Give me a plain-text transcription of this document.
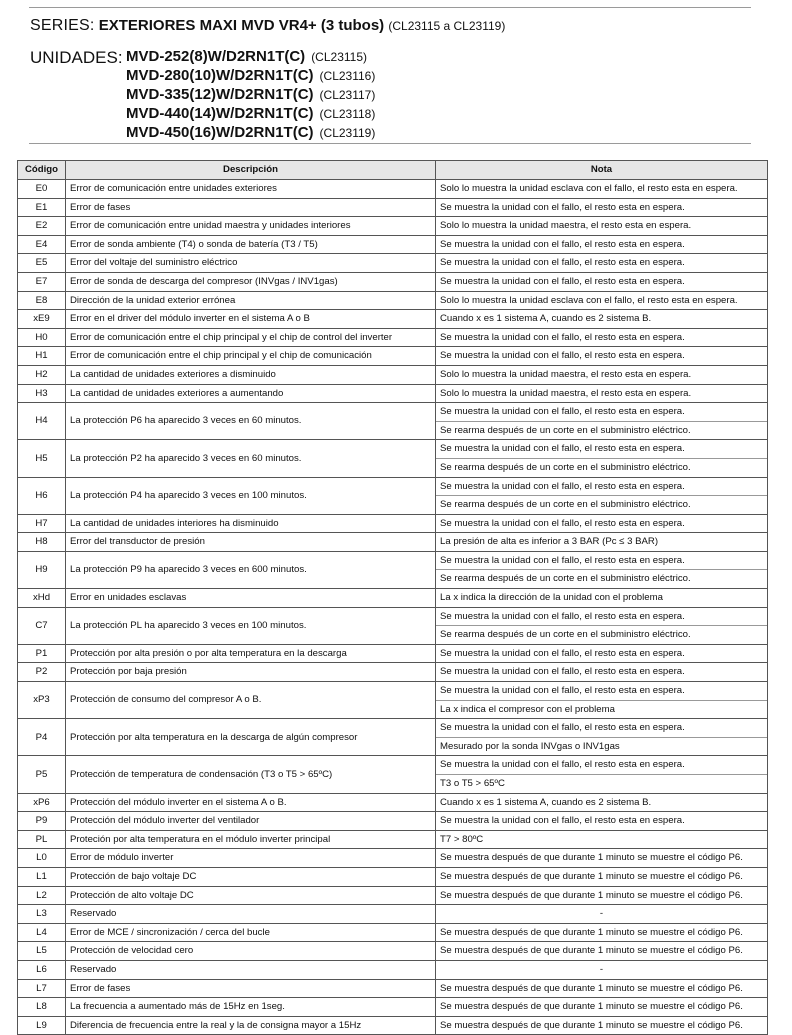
SERIES: EXTERIORES MAXI MVD VR4+ (3 tubos) (CL23115 a CL23119)
UNIDADES: MVD-252(8)W/D2RN1T(C) (CL23115)
MVD-280(10)W/D2RN1T(C) (CL23116)
MVD-335(12)W/D2RN1T(C) (CL23117)
MVD-440(14)W/D2RN1T(C) (CL23118)
MVD-450(16)W/D2RN1T(C) (CL23119)
Código	Descripción	Nota
E0	Error de comunicación entre unidades exteriores	Solo lo muestra la unidad esclava con el fallo, el resto esta en espera.

E1	Error de fases	Se muestra la unidad con el fallo, el resto esta en espera.

E2	Error de comunicación entre unidad maestra y unidades interiores	Solo lo muestra la unidad maestra, el resto esta en espera.

E4	Error de sonda ambiente (T4) o sonda de batería (T3 / T5)	Se muestra la unidad con el fallo, el resto esta en espera.

E5	Error del voltaje del suministro eléctrico	Se muestra la unidad con el fallo, el resto esta en espera.

E7	Error de sonda de descarga del compresor (INVgas / INV1gas)	Se muestra la unidad con el fallo, el resto esta en espera.

E8	Dirección de la unidad exterior errónea	Solo lo muestra la unidad esclava con el fallo, el resto esta en espera.

xE9	Error en el driver del módulo inverter en el sistema A o B	Cuando x es 1 sistema A, cuando es 2 sistema B.

H0	Error de comunicación entre el chip principal y el chip de control del inverter	Se muestra la unidad con el fallo, el resto esta en espera.

H1	Error de comunicación entre el chip principal y el chip de comunicación	Se muestra la unidad con el fallo, el resto esta en espera.

H2	La cantidad de unidades exteriores a disminuido	Solo lo muestra la unidad maestra, el resto esta en espera.

H3	La cantidad de unidades exteriores a aumentando	Solo lo muestra la unidad maestra, el resto esta en espera.

H4	La protección P6 ha aparecido 3 veces en 60 minutos.	Se muestra la unidad con el fallo, el resto esta en espera.
Se rearma después de un corte en el subministro eléctrico.

H5	La protección P2 ha aparecido 3 veces en 60 minutos.	Se muestra la unidad con el fallo, el resto esta en espera.
Se rearma después de un corte en el subministro eléctrico.

H6	La protección P4 ha aparecido 3 veces en 100 minutos.	Se muestra la unidad con el fallo, el resto esta en espera.
Se rearma después de un corte en el subministro eléctrico.

H7	La cantidad de unidades interiores ha disminuido	Se muestra la unidad con el fallo, el resto esta en espera.

H8	Error del transductor de presión	La presión de alta es inferior a 3 BAR (Pc ≤ 3 BAR)

H9	La protección P9 ha aparecido 3 veces en 600 minutos.	Se muestra la unidad con el fallo, el resto esta en espera.
Se rearma después de un corte en el subministro eléctrico.

xHd	Error en unidades esclavas	La x indica la dirección de la unidad con el problema

C7	La protección PL ha aparecido 3 veces en 100 minutos.	Se muestra la unidad con el fallo, el resto esta en espera.
Se rearma después de un corte en el subministro eléctrico.

P1	Protección por alta presión o por alta temperatura en la descarga	Se muestra la unidad con el fallo, el resto esta en espera.

P2	Protección por baja presión	Se muestra la unidad con el fallo, el resto esta en espera.

xP3	Protección de consumo del compresor A o B.	Se muestra la unidad con el fallo, el resto esta en espera.
La x indica el compresor con el problema

P4	Protección por alta temperatura en la descarga de algún compresor	Se muestra la unidad con el fallo, el resto esta en espera.
Mesurado por la sonda INVgas o INV1gas

P5	Protección de temperatura de condensación (T3 o T5 > 65ºC)	Se muestra la unidad con el fallo, el resto esta en espera.
T3 o T5 > 65ºC

xP6	Protección del módulo inverter en el sistema A o B.	Cuando x es 1 sistema A, cuando es 2 sistema B.

P9	Protección del módulo inverter del ventilador	Se muestra la unidad con el fallo, el resto esta en espera.

PL	Proteción por alta temperatura en el módulo inverter principal	T7 > 80ºC

L0	Error de módulo inverter	Se muestra después de que durante 1 minuto se muestre el código P6.

L1	Protección de bajo voltaje DC	Se muestra después de que durante 1 minuto se muestre el código P6.

L2	Protección de alto voltaje DC	Se muestra después de que durante 1 minuto se muestre el código P6.

L3	Reservado	-

L4	Error de MCE / sincronización / cerca del bucle	Se muestra después de que durante 1 minuto se muestre el código P6.

L5	Protección de velocidad cero	Se muestra después de que durante 1 minuto se muestre el código P6.

L6	Reservado	-

L7	Error de fases	Se muestra después de que durante 1 minuto se muestre el código P6.

L8	La frecuencia a aumentado más de 15Hz en 1seg.	Se muestra después de que durante 1 minuto se muestre el código P6.

L9	Diferencia de frecuencia entre la real y la de consigna mayor a 15Hz	Se muestra después de que durante 1 minuto se muestre el código P6.
